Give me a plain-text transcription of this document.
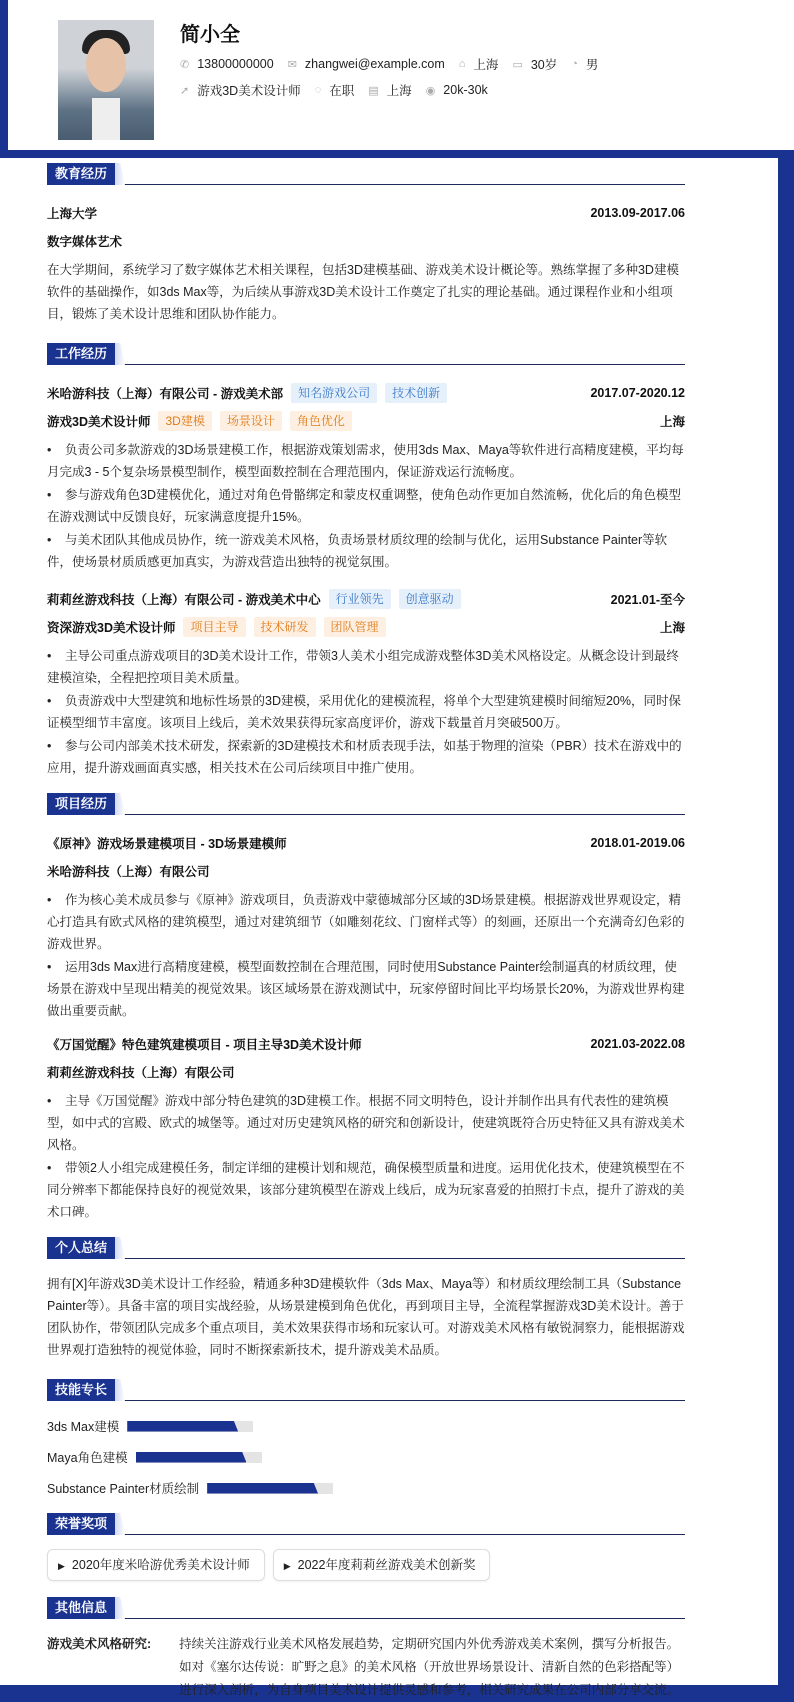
简小全
✆ 13800000000 ✉ zhangwei@example.com ⌂ 上海 ▭ 30岁 ◔ 男
➚ 游戏3D美术设计师 ◌ 在职 ▤ 上海 ◉ 20k-30k
教育经历
上海大学	2013.09-2017.06
数字媒体艺术

在大学期间，系统学习了数字媒体艺术相关课程，包括3D建模基础、游戏美术设计概论等。熟练掌握了多种3D建模软件的基础操作，如3ds Max等，为后续从事游戏3D美术设计工作奠定了扎实的理论基础。通过课程作业和小组项目，锻炼了美术设计思维和团队协作能力。

工作经历
米哈游科技（上海）有限公司 - 游戏美术部	知名游戏公司	技术创新	2017.07-2020.12
游戏3D美术设计师	3D建模	场景设计	角色优化	上海
•	负责公司多款游戏的3D场景建模工作，根据游戏策划需求，使用3ds Max、Maya等软件进行高精度建模，平均每月完成3 - 5个复杂场景模型制作，模型面数控制在合理范围内，保证游戏运行流畅度。
•	参与游戏角色3D建模优化，通过对角色骨骼绑定和蒙皮权重调整，使角色动作更加自然流畅，优化后的角色模型在游戏测试中反馈良好，玩家满意度提升15%。
•	与美术团队其他成员协作，统一游戏美术风格，负责场景材质纹理的绘制与优化，运用Substance Painter等软件，使场景材质质感更加真实，为游戏营造出独特的视觉氛围。
莉莉丝游戏科技（上海）有限公司 - 游戏美术中心	行业领先	创意驱动	2021.01-至今
资深游戏3D美术设计师	项目主导	技术研发	团队管理	上海
•	主导公司重点游戏项目的3D美术设计工作，带领3人美术小组完成游戏整体3D美术风格设定。从概念设计到最终建模渲染，全程把控项目美术质量。
•	负责游戏中大型建筑和地标性场景的3D建模，采用优化的建模流程，将单个大型建筑建模时间缩短20%，同时保证模型细节丰富度。该项目上线后，美术效果获得玩家高度评价，游戏下载量首月突破500万。
•	参与公司内部美术技术研发，探索新的3D建模技术和材质表现手法，如基于物理的渲染（PBR）技术在游戏中的应用，提升游戏画面真实感，相关技术在公司后续项目中推广使用。
项目经历
《原神》游戏场景建模项目 - 3D场景建模师	2018.01-2019.06
米哈游科技（上海）有限公司
•	作为核心美术成员参与《原神》游戏项目，负责游戏中蒙德城部分区域的3D场景建模。根据游戏世界观设定，精心打造具有欧式风格的建筑模型，通过对建筑细节（如雕刻花纹、门窗样式等）的刻画，还原出一个充满奇幻色彩的游戏世界。
•	运用3ds Max进行高精度建模，模型面数控制在合理范围，同时使用Substance Painter绘制逼真的材质纹理，使场景在游戏中呈现出精美的视觉效果。该区域场景在游戏测试中，玩家停留时间比平均场景长20%，为游戏世界构建做出重要贡献。
《万国觉醒》特色建筑建模项目 - 项目主导3D美术设计师	2021.03-2022.08
莉莉丝游戏科技（上海）有限公司
•	主导《万国觉醒》游戏中部分特色建筑的3D建模工作。根据不同文明特色，设计并制作出具有代表性的建筑模型，如中式的宫殿、欧式的城堡等。通过对历史建筑风格的研究和创新设计，使建筑既符合历史特征又具有游戏美术风格。
•	带领2人小组完成建模任务，制定详细的建模计划和规范，确保模型质量和进度。运用优化技术，使建筑模型在不同分辨率下都能保持良好的视觉效果，该部分建筑模型在游戏上线后，成为玩家喜爱的拍照打卡点，提升了游戏的美术口碑。
个人总结

拥有[X]年游戏3D美术设计工作经验，精通多种3D建模软件（3ds Max、Maya等）和材质纹理绘制工具（Substance Painter等）。具备丰富的项目实战经验，从场景建模到角色优化，再到项目主导，全流程掌握游戏3D美术设计。善于团队协作，带领团队完成多个重点项目，美术效果获得市场和玩家认可。对游戏美术风格有敏锐洞察力，能根据游戏世界观打造独特的视觉体验，同时不断探索新技术，提升游戏美术品质。

技能专长
3ds Max建模
Maya角色建模
Substance Painter材质绘制
荣誉奖项
▶ 2020年度米哈游优秀美术设计师	▶ 2022年度莉莉丝游戏美术创新奖
其他信息
游戏美术风格研究:	持续关注游戏行业美术风格发展趋势，定期研究国内外优秀游戏美术案例，撰写分析报告。如对《塞尔达传说：旷野之息》的美术风格（开放世界场景设计、清新自然的色彩搭配等）进行深入剖析，为自身项目美术设计提供灵感和参考，相关研究成果在公司内部分享交流。
